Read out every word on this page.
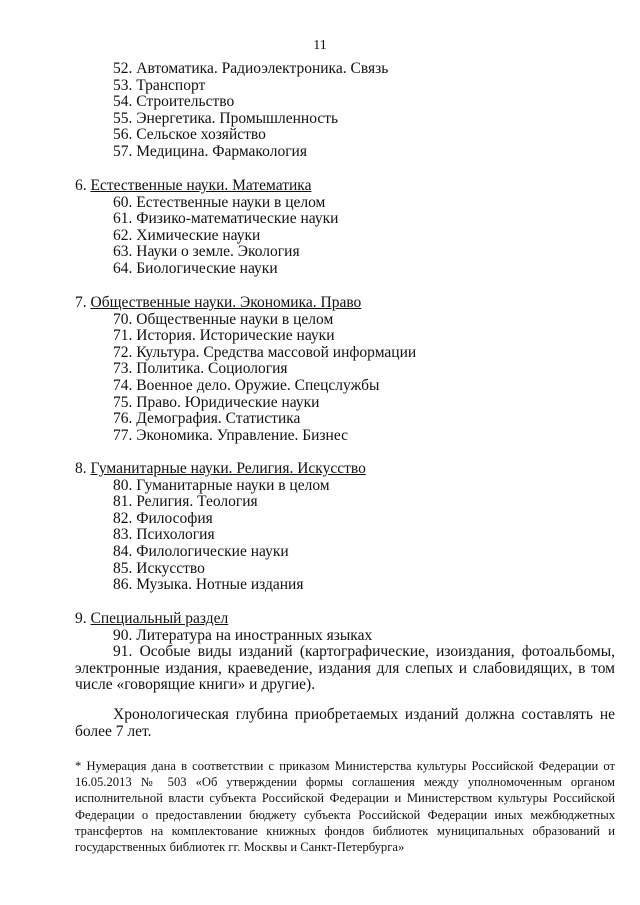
11
52. Автоматика. Радиоэлектроника. Связь
53. Транспорт
54. Строительство
55. Энергетика. Промышленность
56. Сельское хозяйство
57. Медицина. Фармакология
6. Естественные науки. Математика
60. Естественные науки в целом
61. Физико-математические науки
62. Химические науки
63. Науки о земле. Экология
64. Биологические науки
7. Общественные науки. Экономика. Право
70. Общественные науки в целом
71. История. Исторические науки
72. Культура. Средства массовой информации
73. Политика. Социология
74. Военное дело. Оружие. Спецслужбы
75. Право. Юридические науки
76. Демография. Статистика
77. Экономика. Управление. Бизнес
8. Гуманитарные науки. Религия. Искусство
80. Гуманитарные науки в целом
81. Религия. Теология
82. Философия
83. Психология
84. Филологические науки
85. Искусство
86. Музыка. Нотные издания
9. Специальный раздел
90. Литература на иностранных языках
91. Особые виды изданий (картографические, изоиздания, фотоальбомы, электронные издания, краеведение, издания для слепых и слабовидящих, в том числе «говорящие книги» и другие).
Хронологическая глубина приобретаемых изданий должна составлять не более 7 лет.
* Нумерация дана в соответствии с приказом Министерства культуры Российской Федерации от 16.05.2013 № 503 «Об утверждении формы соглашения между уполномоченным органом исполнительной власти субъекта Российской Федерации и Министерством культуры Российской Федерации о предоставлении бюджету субъекта Российской Федерации иных межбюджетных трансфертов на комплектование книжных фондов библиотек муниципальных образований и государственных библиотек гг. Москвы и Санкт-Петербурга»
